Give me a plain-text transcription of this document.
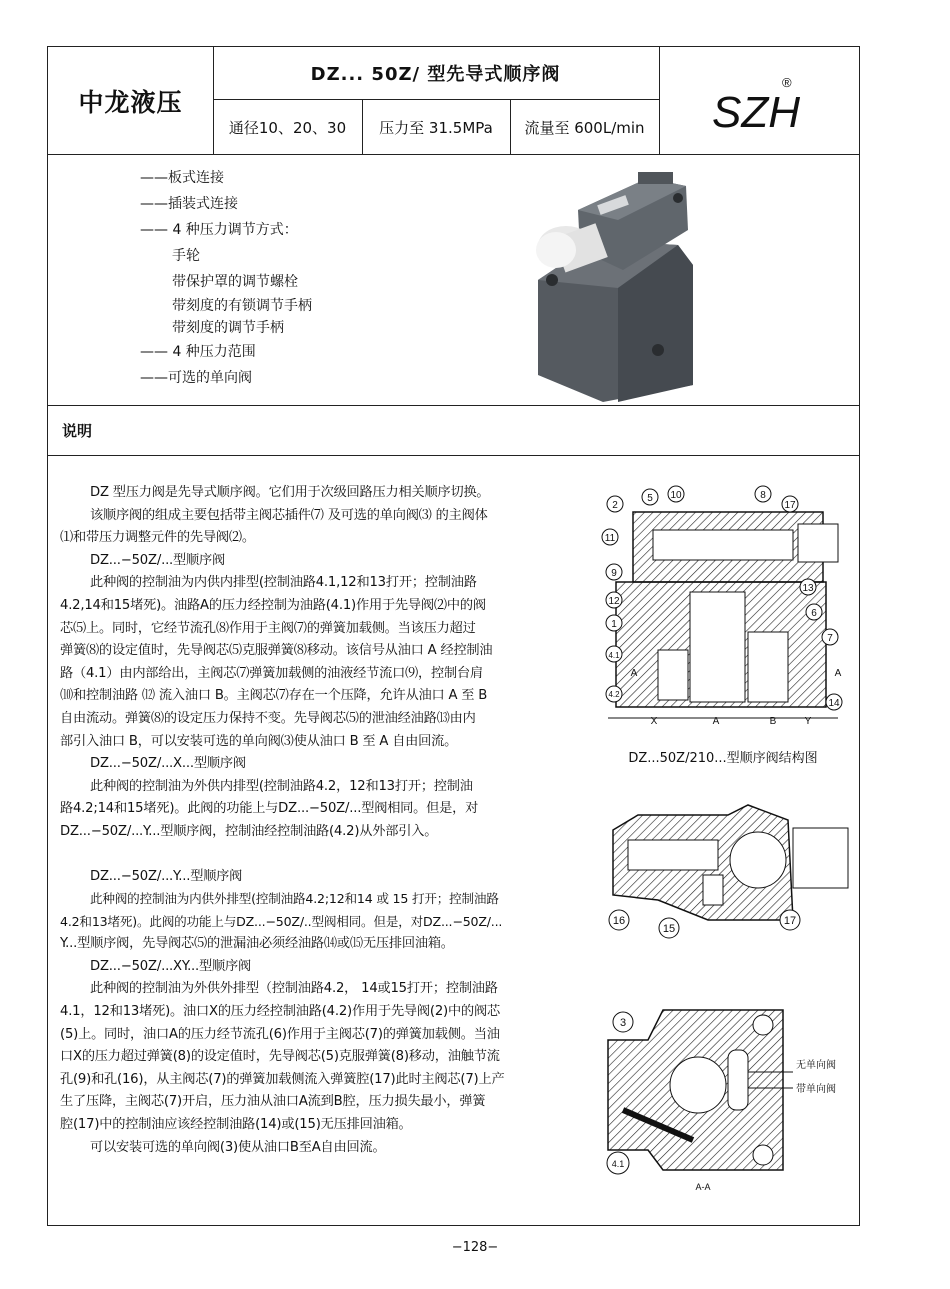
中龙液压
DZ... 50Z/ 型先导式顺序阀
通径10、20、30	压力至 31.5MPa	流量至 600L/min	SZH
®
——板式连接
——插装式连接
—— 4 种压力调节方式：
手轮
带保护罩的调节螺栓
带刻度的有锁调节手柄
带刻度的调节手柄
—— 4 种压力范围
——可选的单向阀
说明

DZ 型压力阀是先导式顺序阀。它们用于次级回路压力相关顺序切换。

该顺序阀的组成主要包括带主阀芯插件⑺ 及可选的单向阀⑶ 的主阀体

⑴和带压力调整元件的先导阀⑵。

DZ...−50Z/...型顺序阀

此种阀的控制油为内供内排型(控制油路4.1,12和13打开；控制油路

4.2,14和15堵死)。油路A的压力经控制为油路(4.1)作用于先导阀⑵中的阀

芯⑸上。同时，它经节流孔⑻作用于主阀⑺的弹簧加载侧。当该压力超过

弹簧⑻的设定值时，先导阀芯⑸克服弹簧⑻移动。该信号从油口 A 经控制油

路（4.1）由内部给出，主阀芯⑺弹簧加载侧的油液经节流口⑼，控制台肩

⑽和控制油路 ⑿ 流入油口 B。主阀芯⑺存在一个压降，允许从油口 A 至 B

自由流动。弹簧⑻的设定压力保持不变。先导阀芯⑸的泄油经油路⒀由内

部引入油口 B，可以安装可选的单向阀⑶使从油口 B 至 A 自由回流。

DZ...−50Z/...X...型顺序阀

此种阀的控制油为外供内排型(控制油路4.2，12和13打开；控制油

路4.2;14和15堵死)。此阀的功能上与DZ...−50Z/...型阀相同。但是，对

DZ...−50Z/...Y...型顺序阀，控制油经控制油路(4.2)从外部引入。

DZ...−50Z/...Y...型顺序阀

此种阀的控制油为内供外排型(控制油路4.2;12和14 或 15 打开；控制油路

4.2和13堵死)。此阀的功能上与DZ...−50Z/..型阀相同。但是，对DZ...−50Z/...

Y...型顺序阀，先导阀芯⑸的泄漏油必须经油路⒁或⒂无压排回油箱。

DZ...−50Z/...XY...型顺序阀

此种阀的控制油为外供外排型（控制油路4.2， 14或15打开；控制油路

4.1，12和13堵死)。油口X的压力经控制油路(4.2)作用于先导阀(2)中的阀芯

(5)上。同时，油口A的压力经节流孔(6)作用于主阀芯(7)的弹簧加载侧。当油

口X的压力超过弹簧(8)的设定值时，先导阀芯(5)克服弹簧(8)移动，油触节流

孔(9)和孔(16)，从主阀芯(7)的弹簧加载侧流入弹簧腔(17)此时主阀芯(7)上产

生了压降，主阀芯(7)开启，压力油从油口A流到B腔，压力损失最小，弹簧

腔(17)中的控制油应该经控制油路(14)或(15)无压排回油箱。

可以安装可选的单向阀(3)使从油口B至A自由回流。

2
5 10	8
17
11
9
13
12
6
1
7
4.1
4.2
14
X	A	B	Y
A	A
DZ...50Z/210...型顺序阀结构图
16
15
17
3
4.1
A-A
无单向阀
带单向阀
−128−
